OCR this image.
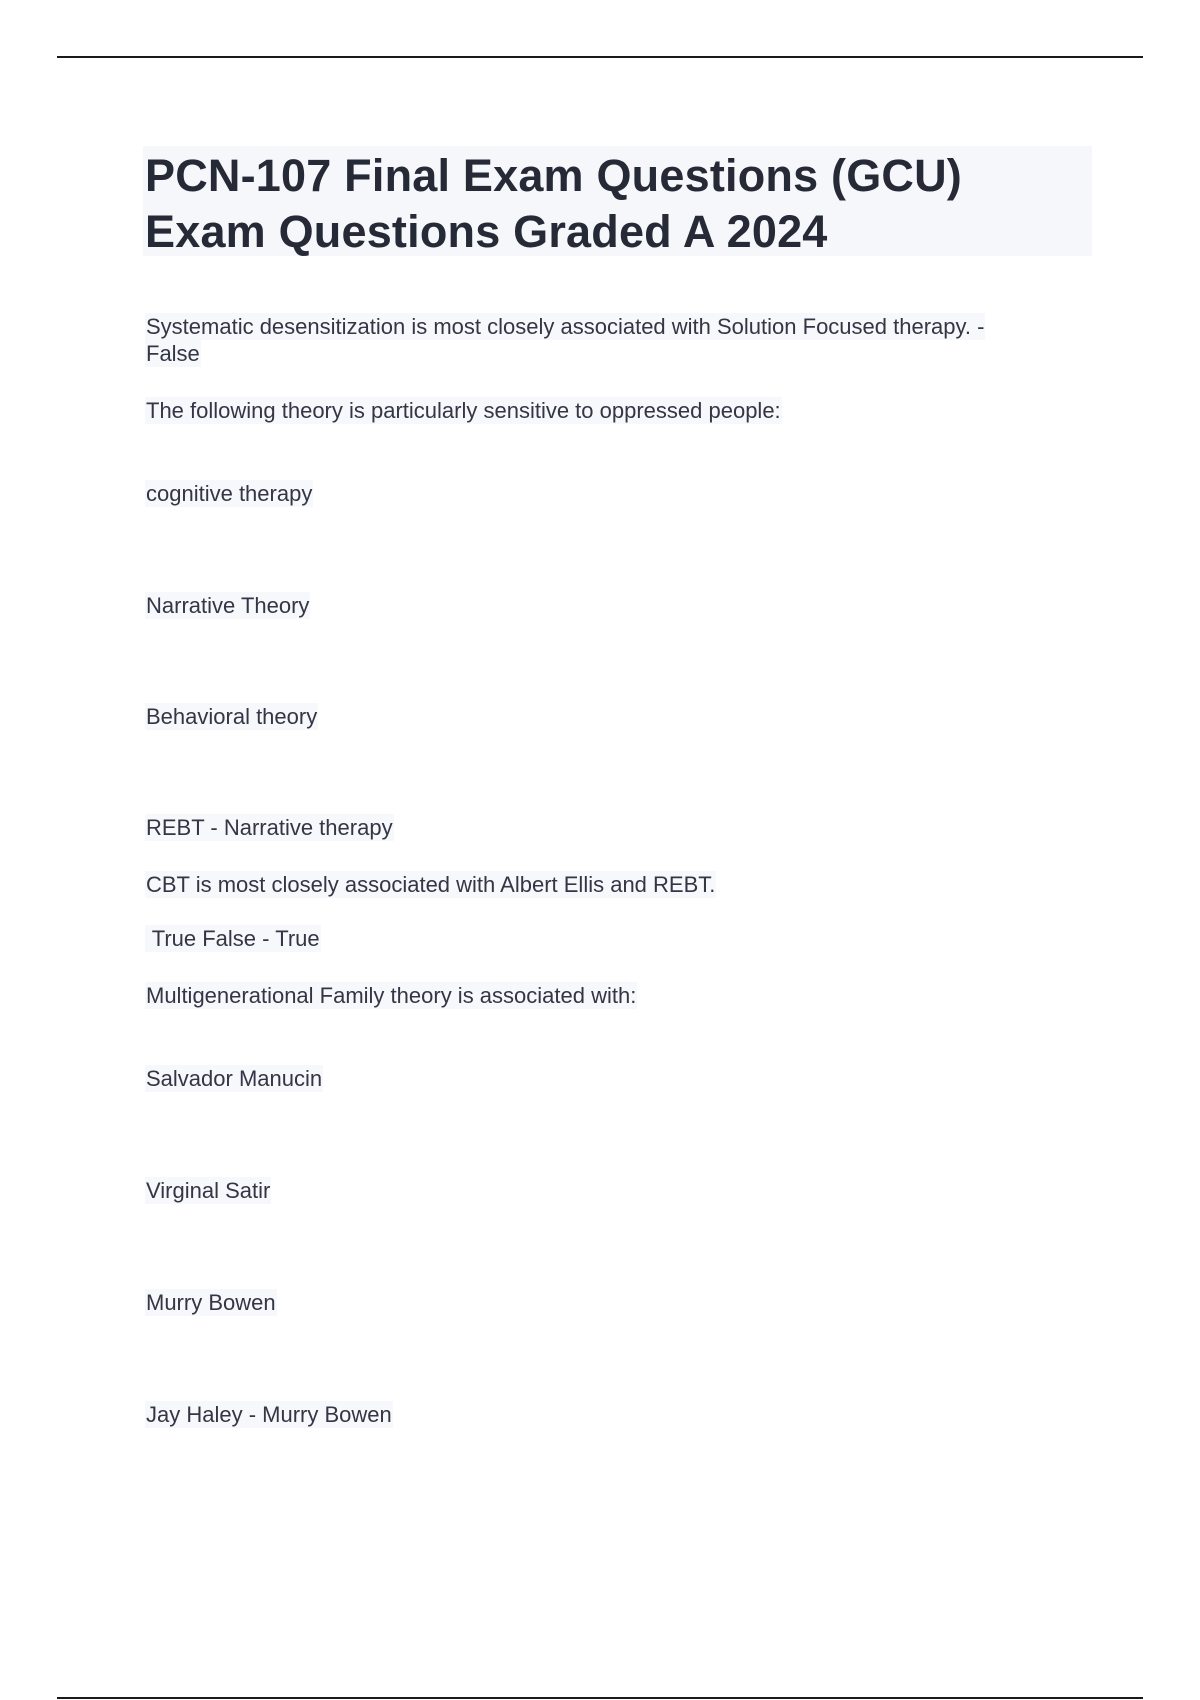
PCN-107 Final Exam Questions (GCU)
Exam Questions Graded A 2024

Systematic desensitization is most closely associated with Solution Focused therapy. -

False

The following theory is particularly sensitive to oppressed people:

cognitive therapy

Narrative Theory

Behavioral theory

REBT - Narrative therapy

CBT is most closely associated with Albert Ellis and REBT.

True False - True

Multigenerational Family theory is associated with:

Salvador Manucin

Virginal Satir

Murry Bowen

Jay Haley - Murry Bowen
